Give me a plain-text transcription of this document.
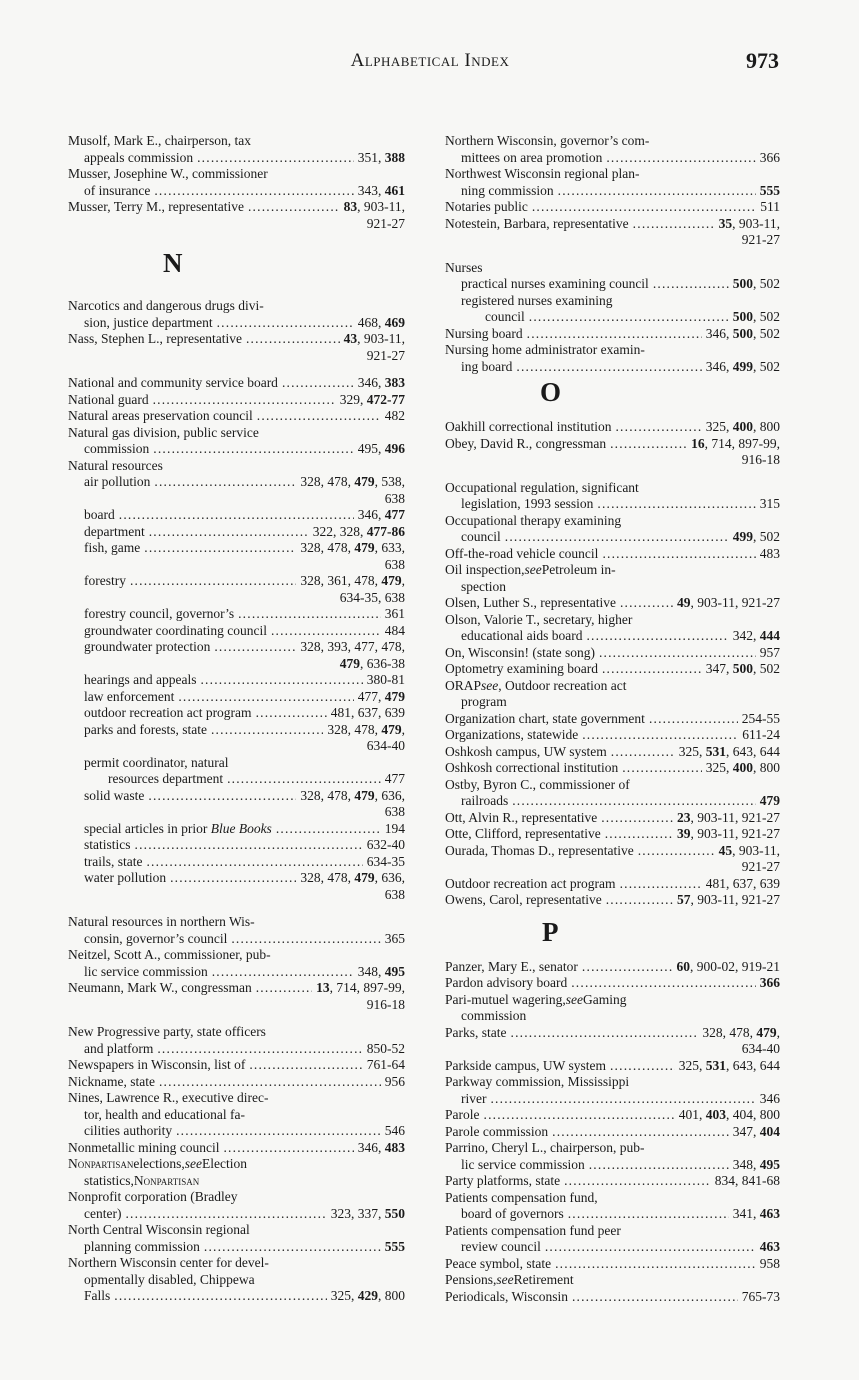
Alphabetical Index	973
Musolf, Mark E., chairperson, tax
appeals commission .....	351, 388
Musser, Josephine W., commissioner
of insurance .....	343, 461
Musser, Terry M., representative .....	83, 903-11,
921-27
N
Narcotics and dangerous drugs divi-
sion, justice department .....	468, 469
Nass, Stephen L., representative .....	43, 903-11,
921-27
National and community service board .....	346, 383
National guard .....	329, 472-77
Natural areas preservation council .....	482
Natural gas division, public service
commission .....	495, 496
Natural resources
air pollution .....	328, 478, 479, 538,
638
board .....	346, 477
department .....	322, 328, 477-86
fish, game .....	328, 478, 479, 633,
638
forestry .....	328, 361, 478, 479,
634-35, 638
forestry council, governor’s .....	361
groundwater coordinating council .....	484
groundwater protection .....	328, 393, 477, 478,
479, 636-38
hearings and appeals .....	380-81
law enforcement .....	477, 479
outdoor recreation act program .....	481, 637, 639
parks and forests, state .....	328, 478, 479,
634-40
permit coordinator, natural
resources department .....	477
solid waste .....	328, 478, 479, 636,
638
special articles in prior Blue Books .....	194
statistics .....	632-40
trails, state .....	634-35
water pollution .....	328, 478, 479, 636,
638
Natural resources in northern Wis-
consin, governor’s council .....	365
Neitzel, Scott A., commissioner, pub-
lic service commission .....	348, 495
Neumann, Mark W., congressman .....	13, 714, 897-99,
916-18
New Progressive party, state officers
and platform .....	850-52
Newspapers in Wisconsin, list of .....	761-64
Nickname, state .....	956
Nines, Lawrence R., executive direc-
tor, health and educational fa-
cilities authority .....	546
Nonmetallic mining council .....	346, 483
Nonpartisan elections, see Election
statistics, Nonpartisan
Nonprofit corporation (Bradley
center) .....	323, 337, 550
North Central Wisconsin regional
planning commission .....	555
Northern Wisconsin center for devel-
opmentally disabled, Chippewa
Falls .....	325, 429, 800
Northern Wisconsin, governor’s com-
mittees on area promotion .....	366
Northwest Wisconsin regional plan-
ning commission .....	555
Notaries public .....	511
Notestein, Barbara, representative .....	35, 903-11,
921-27
Nurses
practical nurses examining council .....	500, 502
registered nurses examining
council .....	500, 502
Nursing board .....	346, 500, 502
Nursing home administrator examin-
ing board .....	346, 499, 502
O
Oakhill correctional institution .....	325, 400, 800
Obey, David R., congressman .....	16, 714, 897-99,
916-18
Occupational regulation, significant
legislation, 1993 session .....	315
Occupational therapy examining
council .....	499, 502
Off-the-road vehicle council .....	483
Oil inspection, see Petroleum in-
spection
Olsen, Luther S., representative .....	49, 903-11, 921-27
Olson, Valorie T., secretary, higher
educational aids board .....	342, 444
On, Wisconsin! (state song) .....	957
Optometry examining board .....	347, 500, 502
ORAP see , Outdoor recreation act
program
Organization chart, state government .....	254-55
Organizations, statewide .....	611-24
Oshkosh campus, UW system .....	325, 531, 643, 644
Oshkosh correctional institution .....	325, 400, 800
Ostby, Byron C., commissioner of
railroads .....	479
Ott, Alvin R., representative .....	23, 903-11, 921-27
Otte, Clifford, representative .....	39, 903-11, 921-27
Ourada, Thomas D., representative .....	45, 903-11,
921-27
Outdoor recreation act program .....	481, 637, 639
Owens, Carol, representative .....	57, 903-11, 921-27
P
Panzer, Mary E., senator .....	60, 900-02, 919-21
Pardon advisory board .....	366
Pari-mutuel wagering, see Gaming
commission
Parks, state .....	328, 478, 479,
634-40
Parkside campus, UW system .....	325, 531, 643, 644
Parkway commission, Mississippi
river .....	346
Parole .....	401, 403, 404, 800
Parole commission .....	347, 404
Parrino, Cheryl L., chairperson, pub-
lic service commission .....	348, 495
Party platforms, state .....	834, 841-68
Patients compensation fund,
board of governors .....	341, 463
Patients compensation fund peer
review council .....	463
Peace symbol, state .....	958
Pensions, see Retirement
Periodicals, Wisconsin .....	765-73
